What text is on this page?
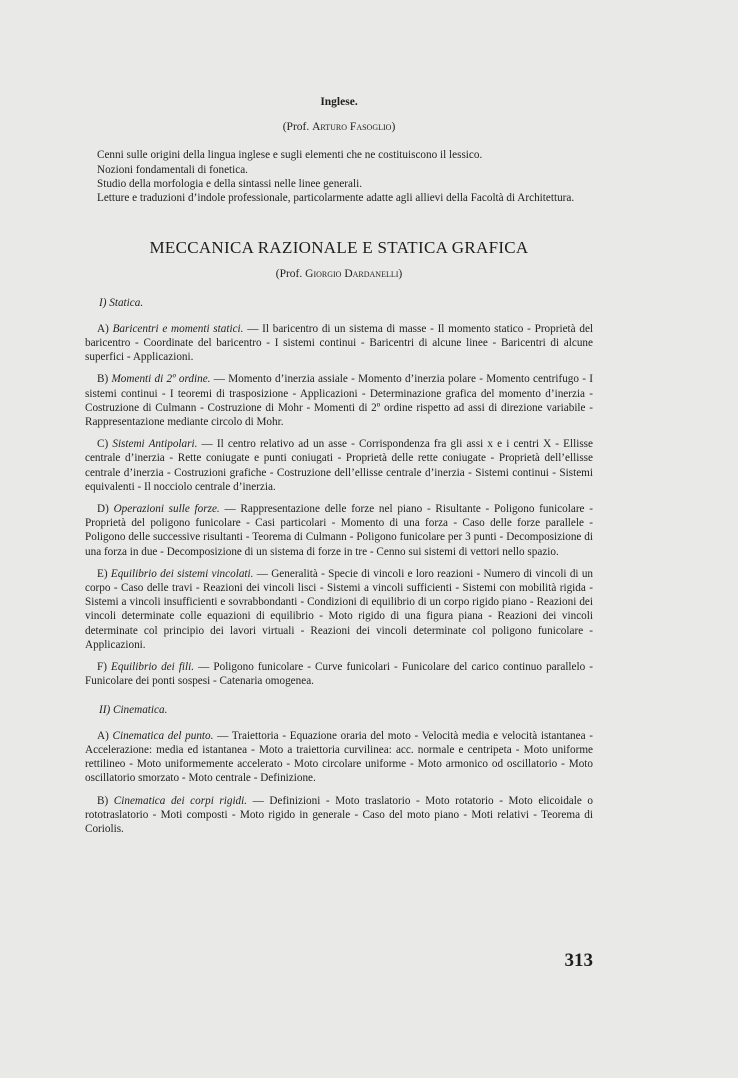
Inglese.
(Prof. Arturo Fasoglio)

Cenni sulle origini della lingua inglese e sugli elementi che ne costituiscono il lessico.

Nozioni fondamentali di fonetica.

Studio della morfologia e della sintassi nelle linee generali.

Letture e traduzioni d’indole professionale, particolarmente adatte agli allievi della Facoltà di Architettura.

MECCANICA RAZIONALE E STATICA GRAFICA
(Prof. Giorgio Dardanelli)
I) Statica.

A) Baricentri e momenti statici. — Il baricentro di un sistema di masse - Il momento statico - Proprietà del baricentro - Coordinate del baricentro - I sistemi continui - Baricentri di alcune linee - Baricentri di alcune superfici - Applicazioni.

B) Momenti di 2º ordine. — Momento d’inerzia assiale - Momento d’inerzia polare - Momento centrifugo - I sistemi continui - I teoremi di trasposizione - Applicazioni - Determinazione grafica del momento d’inerzia - Costruzione di Culmann - Costruzione di Mohr - Momenti di 2º ordine rispetto ad assi di direzione variabile - Rappresentazione mediante circolo di Mohr.

C) Sistemi Antipolari. — Il centro relativo ad un asse - Corrispondenza fra gli assi x e i centri X - Ellisse centrale d’inerzia - Rette coniugate e punti coniugati - Proprietà delle rette coniugate - Proprietà dell’ellisse centrale d’inerzia - Costruzioni grafiche - Costruzione dell’ellisse centrale d’inerzia - Sistemi continui - Sistemi equivalenti - Il nocciolo centrale d’inerzia.

D) Operazioni sulle forze. — Rappresentazione delle forze nel piano - Risultante - Poligono funicolare - Proprietà del poligono funicolare - Casi particolari - Momento di una forza - Caso delle forze parallele - Poligono delle successive risultanti - Teorema di Culmann - Poligono funicolare per 3 punti - Decomposizione di una forza in due - Decomposizione di un sistema di forze in tre - Cenno sui sistemi di vettori nello spazio.

E) Equilibrio dei sistemi vincolati. — Generalità - Specie di vincoli e loro reazioni - Numero di vincoli di un corpo - Caso delle travi - Reazioni dei vincoli lisci - Sistemi a vincoli sufficienti - Sistemi con mobilità rigida - Sistemi a vincoli insufficienti e sovrabbondanti - Condizioni di equilibrio di un corpo rigido piano - Reazioni dei vincoli determinate colle equazioni di equilibrio - Moto rigido di una figura piana - Reazioni dei vincoli determinate col principio dei lavori virtuali - Reazioni dei vincoli determinate col poligono funicolare - Applicazioni.

F) Equilibrio dei fili. — Poligono funicolare - Curve funicolari - Funicolare del carico continuo parallelo - Funicolare dei ponti sospesi - Catenaria omogenea.

II) Cinematica.

A) Cinematica del punto. — Traiettoria - Equazione oraria del moto - Velocità media e velocità istantanea - Accelerazione: media ed istantanea - Moto a traiettoria curvilinea: acc. normale e centripeta - Moto uniforme rettilineo - Moto uniformemente accelerato - Moto circolare uniforme - Moto armonico od oscillatorio - Moto oscillatorio smorzato - Moto centrale - Definizione.

B) Cinematica dei corpi rigidi. — Definizioni - Moto traslatorio - Moto rotatorio - Moto elicoidale o rototraslatorio - Moti composti - Moto rigido in generale - Caso del moto piano - Moti relativi - Teorema di Coriolis.

313
